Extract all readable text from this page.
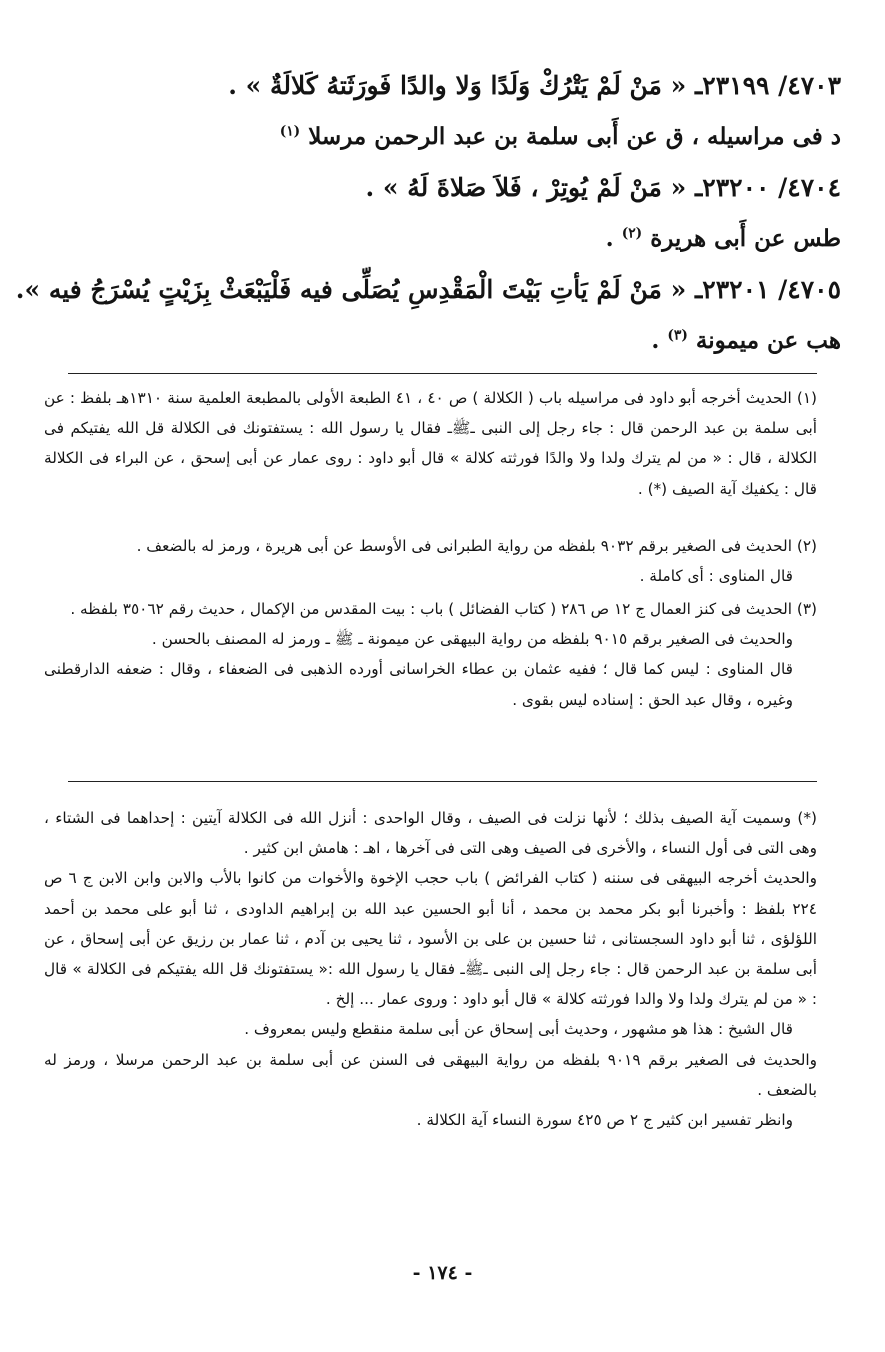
٤٧٠٣/ ٢٣١٩٩ـ « مَنْ لَمْ يَتْرُكْ وَلَدًا وَلا والدًا فَورَثَتهُ كَلالَةٌ » .
د فى مراسيله ، ق عن أَبى سلمة بن عبد الرحمن مرسلا $^{(١)}$
٤٧٠٤/ ٢٣٢٠٠ـ « مَنْ لَمْ يُوتِرْ ، فَلاَ صَلاةَ لَهُ » .
طس عن أَبى هريرة $^{(٢)}$ .
٤٧٠٥/ ٢٣٢٠١ـ « مَنْ لَمْ يَأتِ بَيْتَ الْمَقْدِسِ يُصَلِّى فيه فَلْيَبْعَثْ بِزَيْتٍ يُسْرَجُ فيه ».
هب عن ميمونة $^{(٣)}$ .

(١) الحديث أخرجه أبو داود فى مراسيله باب ( الكلالة ) ص ٤٠ ، ٤١ الطبعة الأولى بالمطبعة العلمية سنة ١٣١٠هـ بلفظ : عن أبى سلمة بن عبد الرحمن قال : جاء رجل إلى النبى ـﷺـ فقال يا رسول الله : يستفتونك فى الكلالة قل الله يفتيكم فى الكلالة ، قال : « من لم يترك ولدا ولا والدًا فورثته كلالة » قال أبو داود : روى عمار عن أبى إسحق ، عن البراء فى الكلالة قال : يكفيك آية الصيف (*) .

(٢) الحديث فى الصغير برقم ٩٠٣٢ بلفظه من رواية الطبرانى فى الأوسط عن أبى هريرة ، ورمز له بالضعف .

قال المناوى : أى كاملة .

(٣) الحديث فى كنز العمال ج ١٢ ص ٢٨٦ ( كتاب الفضائل ) باب : بيت المقدس من الإكمال ، حديث رقم ٣٥٠٦٢ بلفظه .

والحديث فى الصغير برقم ٩٠١٥ بلفظه من رواية البيهقى عن ميمونة ـ ﷺ ـ ورمز له المصنف بالحسن .

قال المناوى : ليس كما قال ؛ ففيه عثمان بن عطاء الخراسانى أورده الذهبى فى الضعفاء ، وقال : ضعفه الدارقطنى وغيره ، وقال عبد الحق : إسناده ليس بقوى .

(*) وسميت آية الصيف بذلك ؛ لأنها نزلت فى الصيف ، وقال الواحدى : أنزل الله فى الكلالة آيتين : إحداهما فى الشتاء ، وهى التى فى أول النساء ، والأخرى فى الصيف وهى التى فى آخرها ، اهـ : هامش ابن كثير .

والحديث أخرجه البيهقى فى سننه ( كتاب الفرائض ) باب حجب الإخوة والأخوات من كانوا بالأب والابن وابن الابن ج ٦ ص ٢٢٤ بلفظ : وأخبرنا أبو بكر محمد بن محمد ، أنا أبو الحسين عبد الله بن إبراهيم الداودى ، ثنا أبو على محمد بن أحمد اللؤلؤى ، ثنا أبو داود السجستانى ، ثنا حسين بن على بن الأسود ، ثنا يحيى بن آدم ، ثنا عمار بن رزيق عن أبى إسحاق ، عن أبى سلمة بن عبد الرحمن قال : جاء رجل إلى النبى ـﷺـ فقال يا رسول الله :« يستفتونك قل الله يفتيكم فى الكلالة » قال : « من لم يترك ولدا ولا والدا فورثته كلالة » قال أبو داود : وروى عمار ... إلخ .

قال الشيخ : هذا هو مشهور ، وحديث أبى إسحاق عن أبى سلمة منقطع وليس بمعروف .

والحديث فى الصغير برقم ٩٠١٩ بلفظه من رواية البيهقى فى السنن عن أبى سلمة بن عبد الرحمن مرسلا ، ورمز له بالضعف .

وانظر تفسير ابن كثير ج ٢ ص ٤٢٥ سورة النساء آية الكلالة .

- ١٧٤ -
